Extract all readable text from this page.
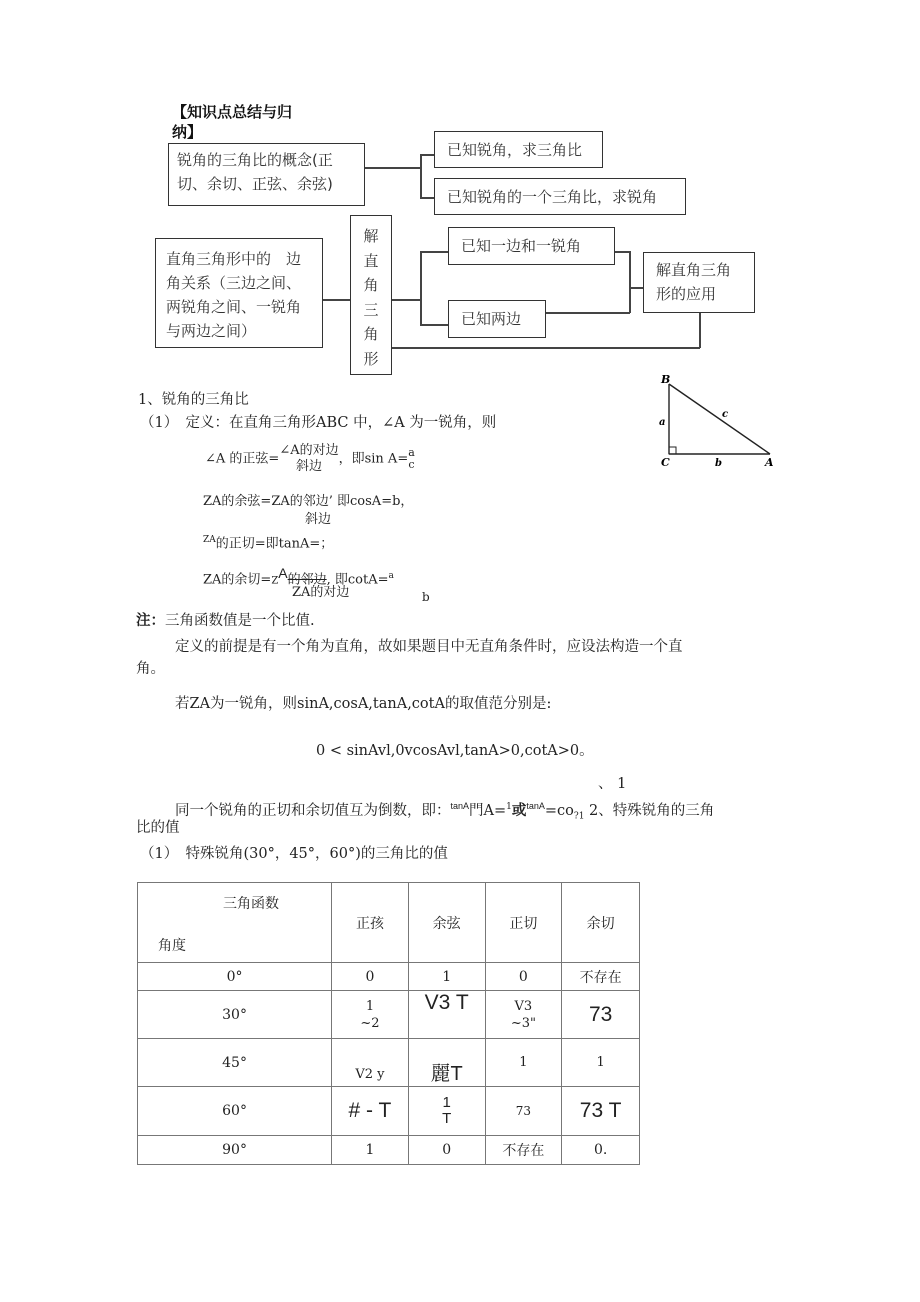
【知识点总结与归
纳】
锐角的三角比的概念(正
切、余切、正弦、余弦)
已知锐角，求三角比
已知锐角的一个三角比，求锐角
直角三角形中的　边
角关系（三边之间、
两锐角之间、一锐角
与两边之间）
解
直
角
三
角
形
已知一边和一锐角
已知两边
解直角三角
形的应用
B
C	A
a
b
c
1、锐角的三角比
（1）　定义：在直角三角形ABC 中，∠A 为一锐角，则
∠A 的正弦=
∠A的对边
斜边	，即sin A= a
c
ZA的余弦=ZA的邻边’ 即cosA=b，
斜边
$^{ZA}$的正切=即tanA=；
ZA的余切$=Z^A$的邻边, 即cotA=$^a$
ZA的对边	b
注：三角函数值是一个比值.
定义的前提是有一个角为直角，故如果题目中无直角条件时，应设法构造一个直
角。
若ZA为一锐角，则sinA,cosA,tanA,cotA的取值范分别是:
0 < sinAvl,0vcosAvl,tanA>0,cotA>0。
、 1
同一个锐角的正切和余切值互为倒数，即：$^{tanA}$門A=$^1$或$^{tanA}=co_{?1}$ 2、特殊锐角的三角
比的值
（1）　特殊锐角(30°，45°，60°)的三角比的值
三角函数
角度	正孩	余弦	正切	余切
0°	0	1	0	不存在
30°	1
~2	V3 T	V3
~3"	73
45°	V2 y	麗T	1	1
60°	# - T	1
T	73	73 T
90°	1	0	不存在	0.
